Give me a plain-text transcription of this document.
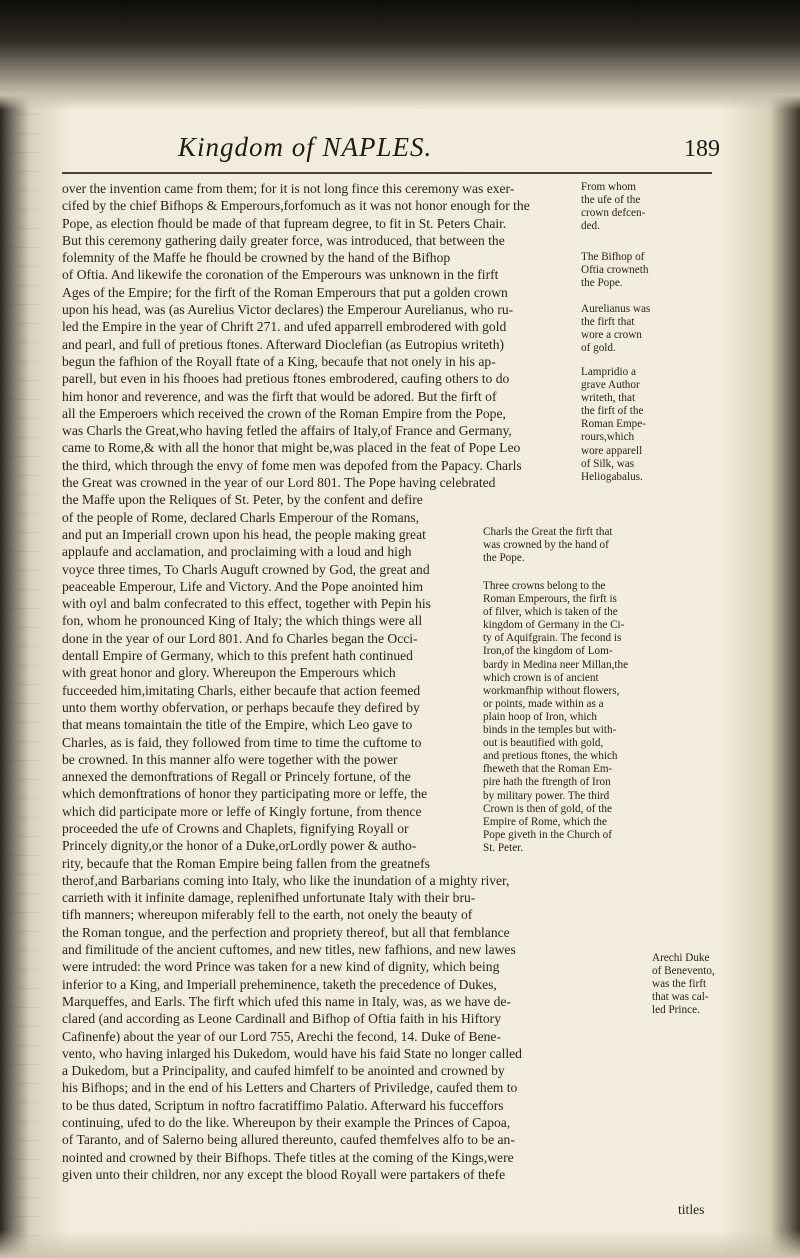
Kingdom of NAPLES.	189
over the invention came from them; for it is not long fince this ceremony was exer-
cifed by the chief Bifhops & Emperours,forfomuch as it was not honor enough for the
Pope, as election fhould be made of that fupream degree, to fit in St. Peters Chair.
But this ceremony gathering daily greater force, was introduced, that between the
folemnity of the Maffe he fhould be crowned by the hand of the Bifhop
of Oftia. And likewife the coronation of the Emperours was unknown in the firft
Ages of the Empire; for the firft of the Roman Emperours that put a golden crown
upon his head, was (as Aurelius Victor declares) the Emperour Aurelianus, who ru-
led the Empire in the year of Chrift 271. and ufed apparrell embrodered with gold
and pearl, and full of pretious ftones. Afterward Dioclefian (as Eutropius writeth)
begun the fafhion of the Royall ftate of a King, becaufe that not onely in his ap-
parell, but even in his fhooes had pretious ftones embrodered, caufing others to do
him honor and reverence, and was the firft that would be adored. But the firft of
all the Emperoers which received the crown of the Roman Empire from the Pope,
was Charls the Great,who having fetled the affairs of Italy,of France and Germany,
came to Rome,& with all the honor that might be,was placed in the feat of Pope Leo
the third, which through the envy of fome men was depofed from the Papacy. Charls
the Great was crowned in the year of our Lord 801. The Pope having celebrated
the Maffe upon the Reliques of St. Peter, by the confent and defire
of the people of Rome, declared Charls Emperour of the Romans,
and put an Imperiall crown upon his head, the people making great
applaufe and acclamation, and proclaiming with a loud and high
voyce three times, To Charls Auguft crowned by God, the great and
peaceable Emperour, Life and Victory. And the Pope anointed him
with oyl and balm confecrated to this effect, together with Pepin his
fon, whom he pronounced King of Italy; the which things were all
done in the year of our Lord 801. And fo Charles began the Occi-
dentall Empire of Germany, which to this prefent hath continued
with great honor and glory. Whereupon the Emperours which
fucceeded him,imitating Charls, either becaufe that action feemed
unto them worthy obfervation, or perhaps becaufe they defired by
that means tomaintain the title of the Empire, which Leo gave to
Charles, as is faid, they followed from time to time the cuftome to
be crowned. In this manner alfo were together with the power
annexed the demonftrations of Regall or Princely fortune, of the
which demonftrations of honor they participating more or leffe, the
which did participate more or leffe of Kingly fortune, from thence
proceeded the ufe of Crowns and Chaplets, fignifying Royall or
Princely dignity,or the honor of a Duke,orLordly power & autho-
rity, becaufe that the Roman Empire being fallen from the greatnefs
therof,and Barbarians coming into Italy, who like the inundation of a mighty river,
carrieth with it infinite damage, replenifhed unfortunate Italy with their bru-
tifh manners; whereupon miferably fell to the earth, not onely the beauty of
the Roman tongue, and the perfection and propriety thereof, but all that femblance
and fimilitude of the ancient cuftomes, and new titles, new fafhions, and new lawes
were intruded: the word Prince was taken for a new kind of dignity, which being
inferior to a King, and Imperiall preheminence, taketh the precedence of Dukes,
Marqueffes, and Earls. The firft which ufed this name in Italy, was, as we have de-
clared (and according as Leone Cardinall and Bifhop of Oftia faith in his Hiftory
Cafinenfe) about the year of our Lord 755, Arechi the fecond, 14. Duke of Bene-
vento, who having inlarged his Dukedom, would have his faid State no longer called
a Dukedom, but a Principality, and caufed himfelf to be anointed and crowned by
his Bifhops; and in the end of his Letters and Charters of Priviledge, caufed them to
to be thus dated, Scriptum in noftro facratiffimo Palatio. Afterward his fucceffors
continuing, ufed to do the like. Whereupon by their example the Princes of Capoa,
of Taranto, and of Salerno being allured thereunto, caufed themfelves alfo to be an-
nointed and crowned by their Bifhops. Thefe titles at the coming of the Kings,were
given unto their children, nor any except the blood Royall were partakers of thefe
From whom
the ufe of the
crown defcen-
ded.
The Bifhop of
Oftia crowneth
the Pope.
Aurelianus was
the firft that
wore a crown
of gold.
Lampridio a
grave Author
writeth, that
the firft of the
Roman Empe-
rours,which
wore apparell
of Silk, was
Heliogabalus.
Charls the Great the firft that
was crowned by the hand of
the Pope.
Three crowns belong to the
Roman Emperours, the firft is
of filver, which is taken of the
kingdom of Germany in the Ci-
ty of Aquifgrain. The fecond is
Iron,of the kingdom of Lom-
bardy in Medina neer Millan,the
which crown is of ancient
workmanfhip without flowers,
or points, made within as a
plain hoop of Iron, which
binds in the temples but with-
out is beautified with gold,
and pretious ftones, the which
fheweth that the Roman Em-
pire hath the ftrength of Iron
by military power. The third
Crown is then of gold, of the
Empire of Rome, which the
Pope giveth in the Church of
St. Peter.
Arechi Duke
of Benevento,
was the firft
that was cal-
led Prince.
titles
